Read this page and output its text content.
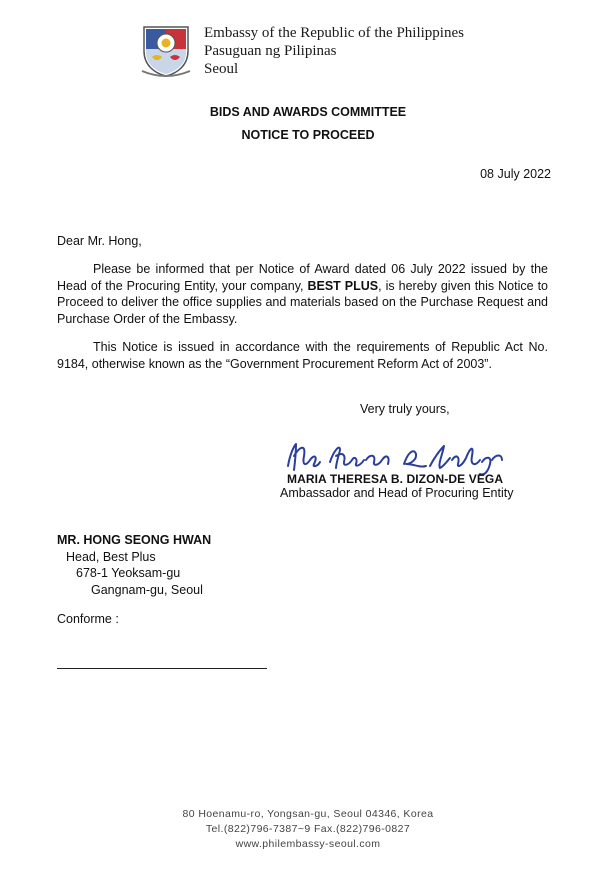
Embassy of the Republic of the Philippines
Pasuguan ng Pilipinas
Seoul
BIDS AND AWARDS COMMITTEE
NOTICE TO PROCEED
08 July 2022
Dear Mr. Hong,
Please be informed that per Notice of Award dated 06 July 2022 issued by the Head of the Procuring Entity, your company, BEST PLUS, is hereby given this Notice to Proceed to deliver the office supplies and materials based on the Purchase Request and Purchase Order of the Embassy.
This Notice is issued in accordance with the requirements of Republic Act No. 9184, otherwise known as the “Government Procurement Reform Act of 2003”.
Very truly yours,
MARIA THERESA B. DIZON-DE VEGA
Ambassador and Head of Procuring Entity
MR. HONG SEONG HWAN
Head, Best Plus
678-1 Yeoksam-gu
Gangnam-gu, Seoul
Conforme :
80 Hoenamu-ro, Yongsan-gu, Seoul 04346, Korea
Tel.(822)796-7387~9 Fax.(822)796-0827
www.philembassy-seoul.com
